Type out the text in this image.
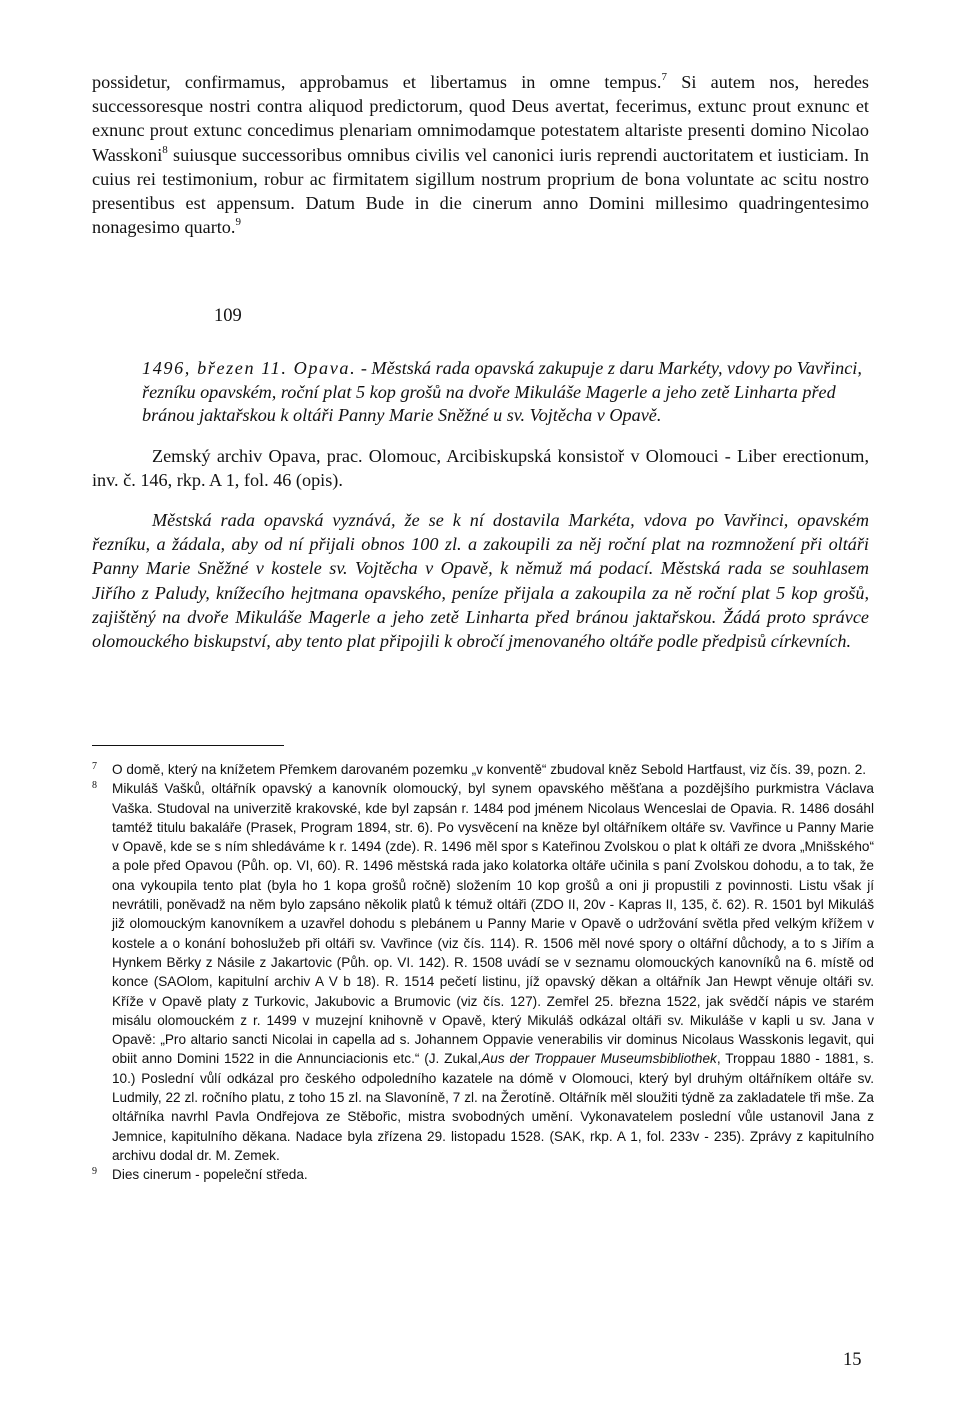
possidetur, confirmamus, approbamus et libertamus in omne tempus.$^7$ Si autem nos, heredes successoresque nostri contra aliquod predictorum, quod Deus avertat, fecerimus, extunc prout exnunc et exnunc prout extunc concedimus plenariam omnimodamque potestatem altariste presenti domino Nicolao Wasskoni$^8$ suiusque successoribus omnibus civilis vel canonici iuris reprendi auctoritatem et iusticiam. In cuius rei testimonium, robur ac firmitatem sigillum nostrum proprium de bona voluntate ac scitu nostro presentibus est appensum. Datum Bude in die cinerum anno Domini millesimo quadringentesimo nonagesimo quarto.$^9$

109

1496, březen 11. Opava. - Městská rada opavská zakupuje z daru Markéty, vdovy po Vavřinci, řezníku opavském, roční plat 5 kop grošů na dvoře Mikuláše Magerle a jeho zetě Linharta před bránou jaktařskou k oltáři Panny Marie Sněžné u sv. Vojtěcha v Opavě.

Zemský archiv Opava, prac. Olomouc, Arcibiskupská konsistoř v Olomouci - Liber erectionum, inv. č. 146, rkp. A 1, fol. 46 (opis).

Městská rada opavská vyznává, že se k ní dostavila Markéta, vdova po Vavřinci, opavském řezníku, a žádala, aby od ní přijali obnos 100 zl. a zakoupili za něj roční plat na rozmnožení při oltáři Panny Marie Sněžné v kostele sv. Vojtěcha v Opavě, k němuž má podací. Městská rada se souhlasem Jiřího z Paludy, knížecího hejtmana opavského, peníze přijala a zakoupila za ně roční plat 5 kop grošů, zajištěný na dvoře Mikuláše Magerle a jeho zetě Linharta před bránou jaktařskou. Žádá proto správce olomouckého biskupství, aby tento plat připojili k obročí jmenovaného oltáře podle předpisů církevních.

7 O domě, který na knížetem Přemkem darovaném pozemku „v konventě“ zbudoval kněz Sebold Hartfaust, viz čís. 39, pozn. 2.

8 Mikuláš Vašků, oltářník opavský a kanovník olomoucký, byl synem opavského měšťana a pozdějšího purkmistra Václava Vaška. Studoval na univerzitě krakovské, kde byl zapsán r. 1484 pod jménem Nicolaus Wenceslai de Opavia. R. 1486 dosáhl tamtéž titulu bakaláře (Prasek, Program 1894, str. 6). Po vysvěcení na kněze byl oltářníkem oltáře sv. Vavřince u Panny Marie v Opavě, kde se s ním shledáváme k r. 1494 (zde). R. 1496 měl spor s Kateřinou Zvolskou o plat k oltáři ze dvora „Mnišského“ a pole před Opavou (Půh. op. VI, 60). R. 1496 městská rada jako kolatorka oltáře učinila s paní Zvolskou dohodu, a to tak, že ona vykoupila tento plat (byla ho 1 kopa grošů ročně) složením 10 kop grošů a oni ji propustili z povinnosti. Listu však jí nevrátili, poněvadž na něm bylo zapsáno několik platů k témuž oltáři (ZDO II, 20v - Kapras II, 135, č. 62). R. 1501 byl Mikuláš již olomouckým kanovníkem a uzavřel dohodu s plebánem u Panny Marie v Opavě o udržování světla před velkým křížem v kostele a o konání bohoslužeb při oltáři sv. Vavřince (viz čís. 114). R. 1506 měl nové spory o oltářní důchody, a to s Jiřím a Hynkem Běrky z Násile z Jakartovic (Půh. op. VI. 142). R. 1508 uvádí se v seznamu olomouckých kanovníků na 6. místě od konce (SAOlom, kapitulní archiv A V b 18). R. 1514 pečetí listinu, jíž opavský děkan a oltářník Jan Hewpt věnuje oltáři sv. Kříže v Opavě platy z Turkovic, Jakubovic a Brumovic (viz čís. 127). Zemřel 25. března 1522, jak svědčí nápis ve starém misálu olomouckém z r. 1499 v muzejní knihovně v Opavě, který Mikuláš odkázal oltáři sv. Mikuláše v kapli u sv. Jana v Opavě: „Pro altario sancti Nicolai in capella ad s. Johannem Oppavie venerabilis vir dominus Nicolaus Wasskonis legavit, qui obiit anno Domini 1522 in die Annunciacionis etc.“ (J. Zukal,Aus der Troppauer Museumsbibliothek, Troppau 1880 - 1881, s. 10.) Poslední vůlí odkázal pro českého odpoledního kazatele na dómě v Olomouci, který byl druhým oltářníkem oltáře sv. Ludmily, 22 zl. ročního platu, z toho 15 zl. na Slavoníně, 7 zl. na Žerotíně. Oltářník měl sloužiti týdně za zakladatele tři mše. Za oltářníka navrhl Pavla Ondřejova ze Stěbořic, mistra svobodných umění. Vykonavatelem poslední vůle ustanovil Jana z Jemnice, kapitulního děkana. Nadace byla zřízena 29. listopadu 1528. (SAK, rkp. A 1, fol. 233v - 235). Zprávy z kapitulního archivu dodal dr. M. Zemek.

9 Dies cinerum - popeleční středa.

15
